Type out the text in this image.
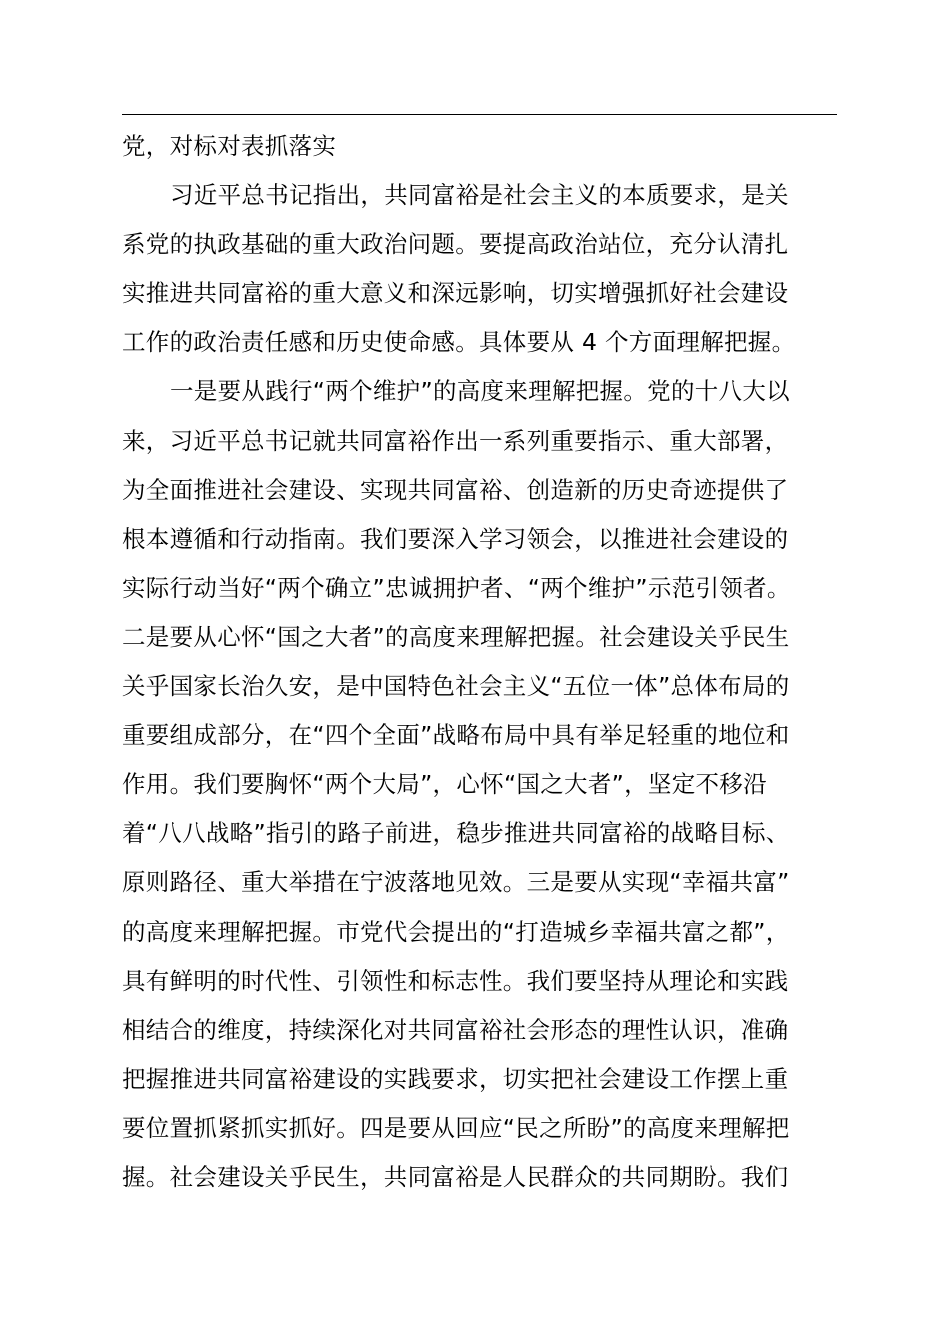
党，对标对表抓落实
习近平总书记指出，共同富裕是社会主义的本质要求，是关
系党的执政基础的重大政治问题。要提高政治站位，充分认清扎
实推进共同富裕的重大意义和深远影响，切实增强抓好社会建设
工作的政治责任感和历史使命感。具体要从 4 个方面理解把握。
一是要从践行“两个维护”的高度来理解把握。党的十八大以
来，习近平总书记就共同富裕作出一系列重要指示、重大部署，
为全面推进社会建设、实现共同富裕、创造新的历史奇迹提供了
根本遵循和行动指南。我们要深入学习领会，以推进社会建设的
实际行动当好“两个确立”忠诚拥护者、“两个维护”示范引领者。
二是要从心怀“国之大者”的高度来理解把握。社会建设关乎民生
关乎国家长治久安，是中国特色社会主义“五位一体”总体布局的
重要组成部分，在“四个全面”战略布局中具有举足轻重的地位和
作用。我们要胸怀“两个大局”，心怀“国之大者”，坚定不移沿
着“八八战略”指引的路子前进，稳步推进共同富裕的战略目标、
原则路径、重大举措在宁波落地见效。三是要从实现“幸福共富”
的高度来理解把握。市党代会提出的“打造城乡幸福共富之都”，
具有鲜明的时代性、引领性和标志性。我们要坚持从理论和实践
相结合的维度，持续深化对共同富裕社会形态的理性认识，准确
把握推进共同富裕建设的实践要求，切实把社会建设工作摆上重
要位置抓紧抓实抓好。四是要从回应“民之所盼”的高度来理解把
握。社会建设关乎民生，共同富裕是人民群众的共同期盼。我们
